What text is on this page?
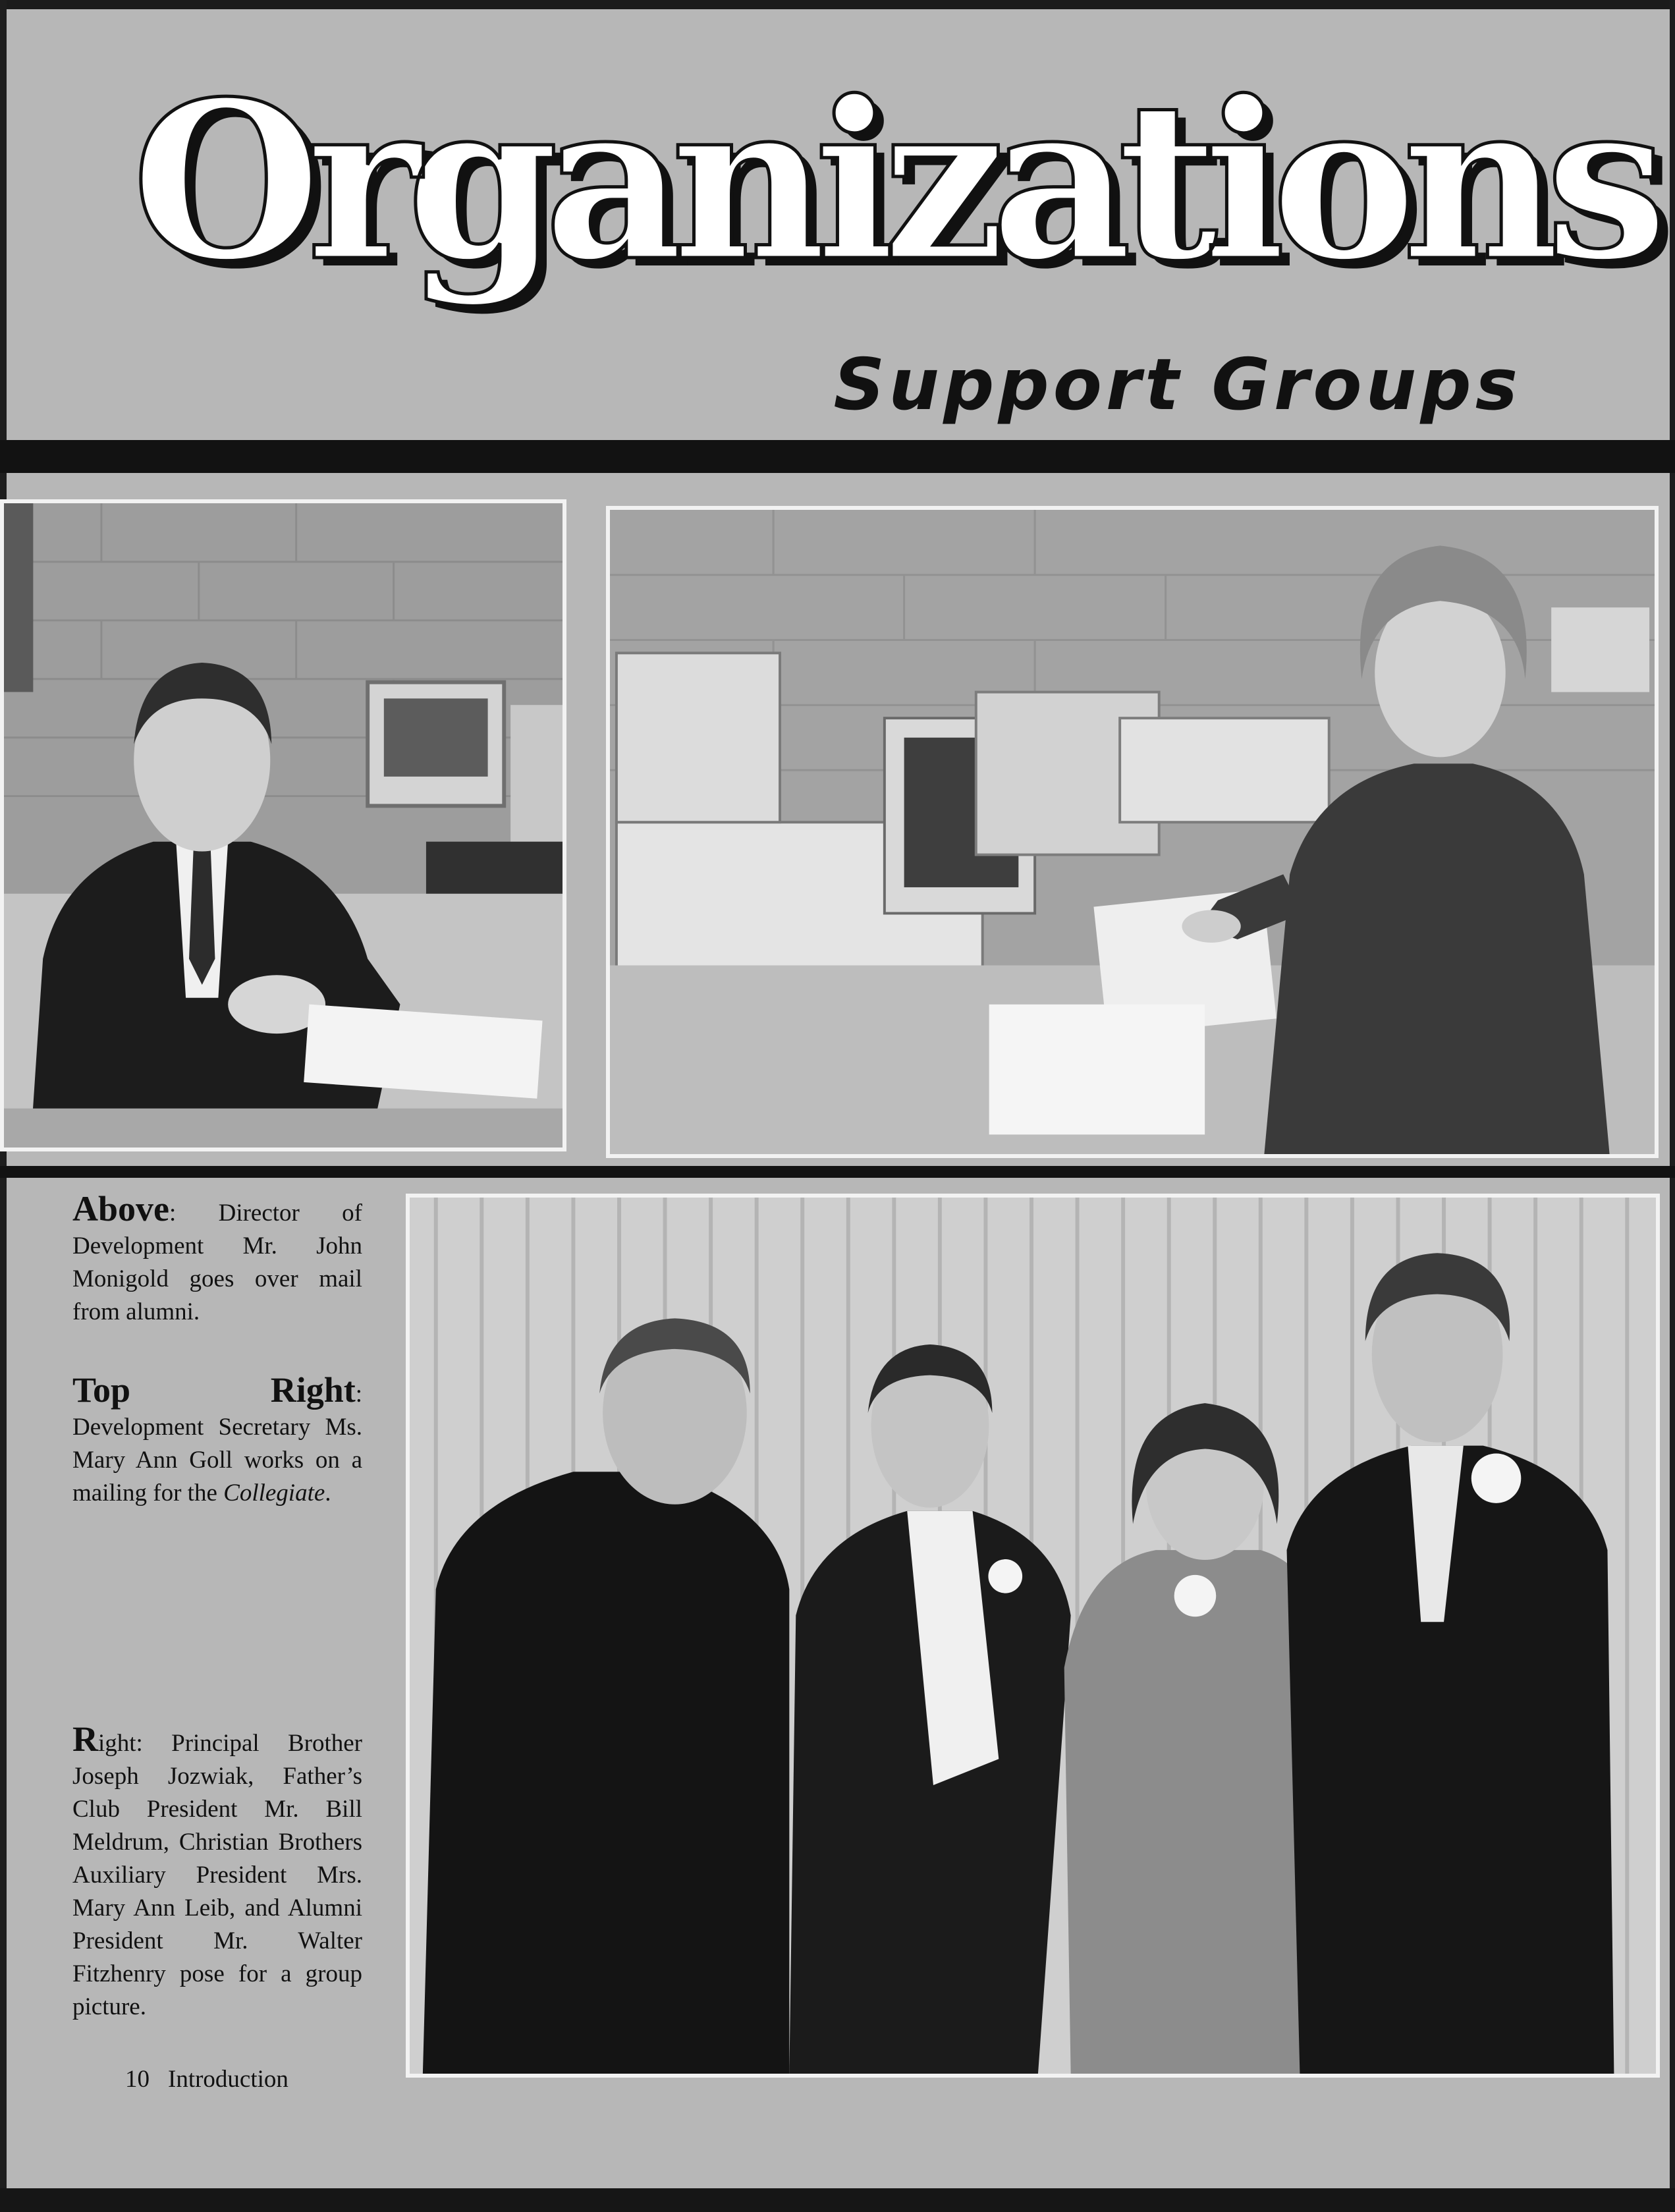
Organizations
Support Groups

Above: Director of Development Mr. John Monigold goes over mail from alumni.

Top Right: Development Secretary Ms. Mary Ann Goll works on a mailing for the Collegiate.

Right: Principal Brother Joseph Jozwiak, Father’s Club President Mr. Bill Meldrum, Christian Brothers Auxiliary President Mrs. Mary Ann Leib, and Alumni President Mr. Walter Fitzhenry pose for a group picture.

10 Introduction
